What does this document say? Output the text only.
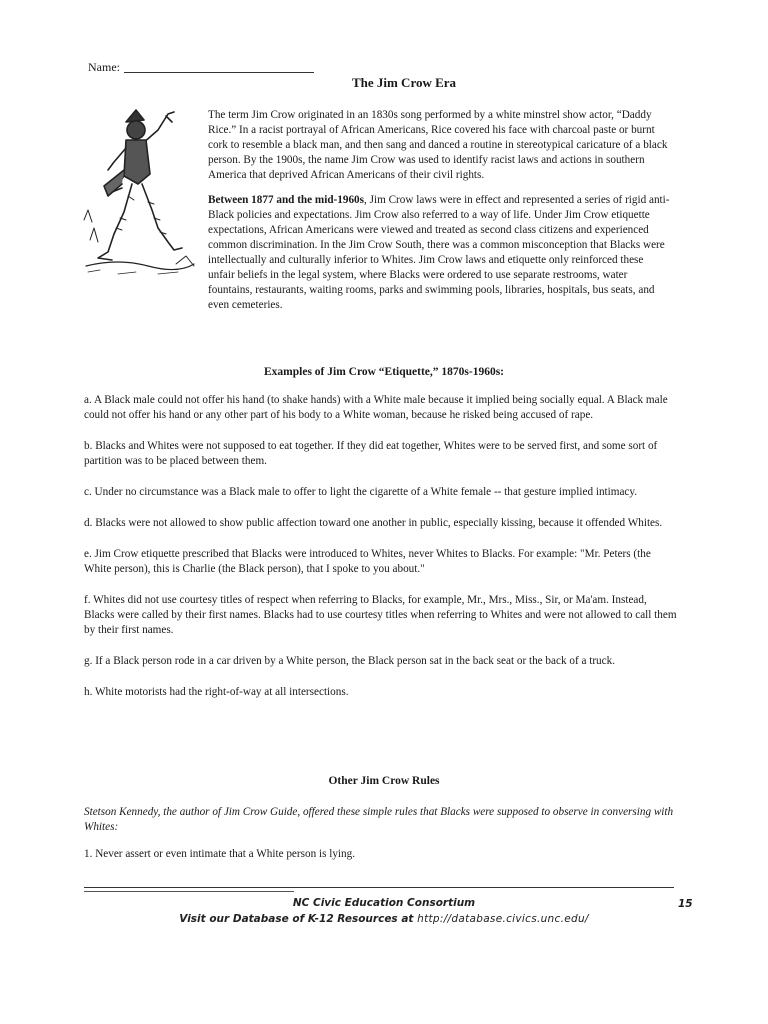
Name:
The Jim Crow Era

The term Jim Crow originated in an 1830s song performed by a white minstrel show actor, “Daddy Rice.” In a racist portrayal of African Americans, Rice covered his face with charcoal paste or burnt cork to resemble a black man, and then sang and danced a routine in stereotypical caricature of a black person. By the 1900s, the name Jim Crow was used to identify racist laws and actions in southern America that deprived African Americans of their civil rights.

Between 1877 and the mid-1960s, Jim Crow laws were in effect and represented a series of rigid anti-Black policies and expectations. Jim Crow also referred to a way of life. Under Jim Crow etiquette expectations, African Americans were viewed and treated as second class citizens and experienced common discrimination. In the Jim Crow South, there was a common misconception that Blacks were intellectually and culturally inferior to Whites. Jim Crow laws and etiquette only reinforced these unfair beliefs in the legal system, where Blacks were ordered to use separate restrooms, water fountains, restaurants, waiting rooms, parks and swimming pools, libraries, hospitals, bus seats, and even cemeteries.

Examples of Jim Crow “Etiquette,” 1870s-1960s:

a. A Black male could not offer his hand (to shake hands) with a White male because it implied being socially equal. A Black male could not offer his hand or any other part of his body to a White woman, because he risked being accused of rape.

b. Blacks and Whites were not supposed to eat together. If they did eat together, Whites were to be served first, and some sort of partition was to be placed between them.

c. Under no circumstance was a Black male to offer to light the cigarette of a White female -- that gesture implied intimacy.

d. Blacks were not allowed to show public affection toward one another in public, especially kissing, because it offended Whites.

e. Jim Crow etiquette prescribed that Blacks were introduced to Whites, never Whites to Blacks. For example: "Mr. Peters (the White person), this is Charlie (the Black person), that I spoke to you about."

f. Whites did not use courtesy titles of respect when referring to Blacks, for example, Mr., Mrs., Miss., Sir, or Ma'am. Instead, Blacks were called by their first names. Blacks had to use courtesy titles when referring to Whites and were not allowed to call them by their first names.

g. If a Black person rode in a car driven by a White person, the Black person sat in the back seat or the back of a truck.

h. White motorists had the right-of-way at all intersections.

Other Jim Crow Rules
Stetson Kennedy, the author of Jim Crow Guide, offered these simple rules that Blacks were supposed to observe in conversing with Whites:
1. Never assert or even intimate that a White person is lying.
NC Civic Education Consortium
Visit our Database of K-12 Resources at http://database.civics.unc.edu/
15
